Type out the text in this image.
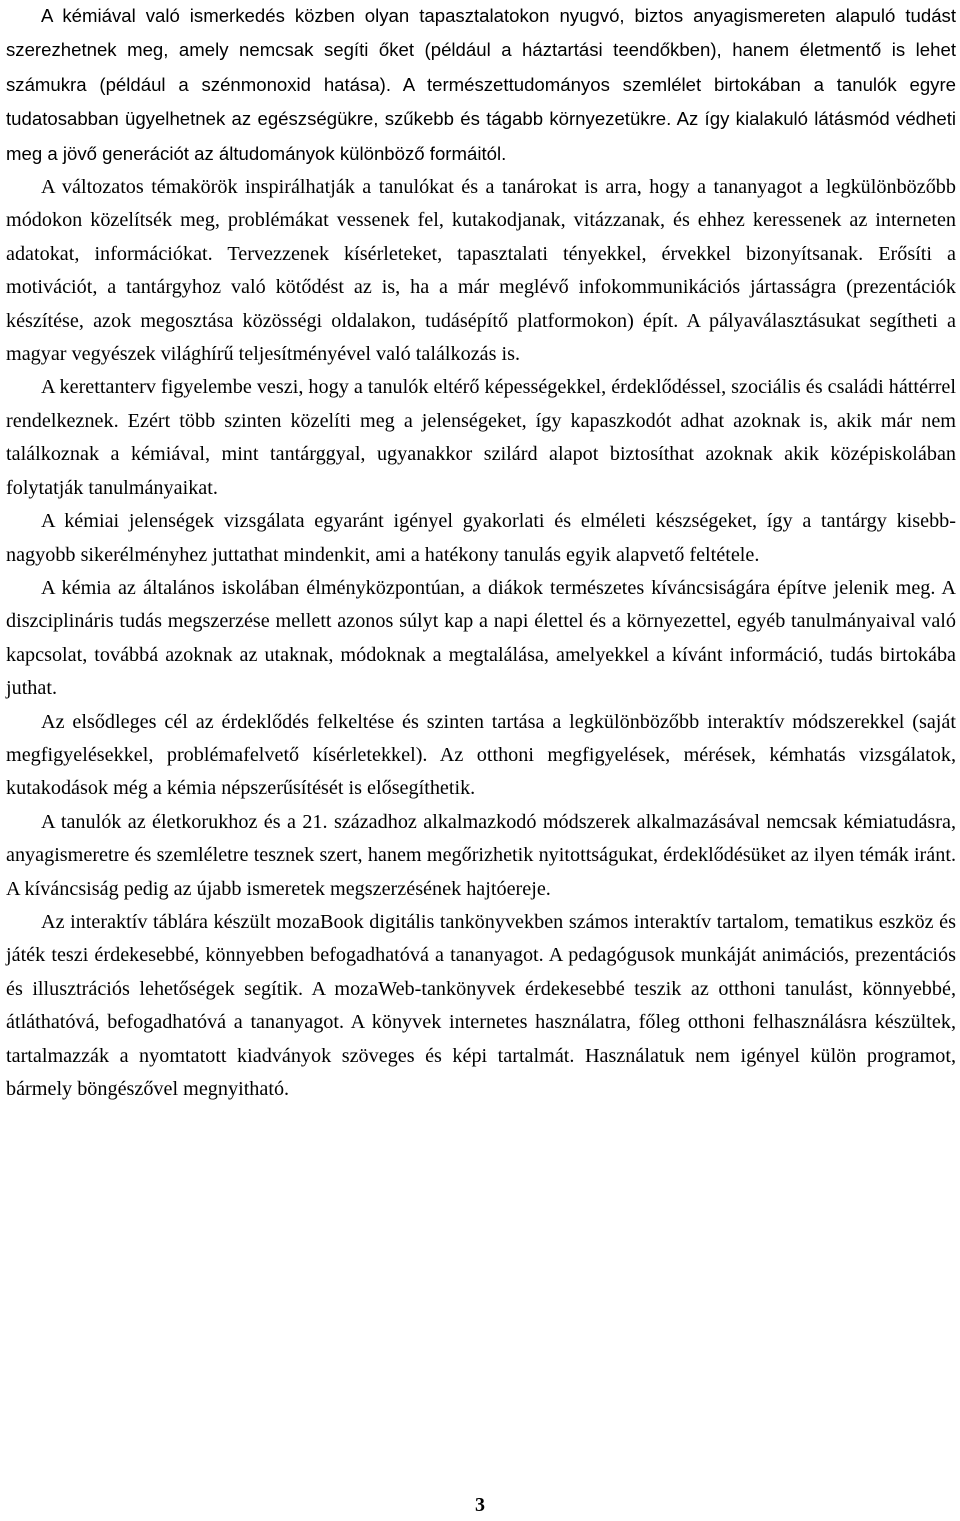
A kémiával való ismerkedés közben olyan tapasztalatokon nyugvó, biztos anyagismereten alapuló tudást szerezhetnek meg, amely nemcsak segíti őket (például a háztartási teendőkben), hanem életmentő is lehet számukra (például a szénmonoxid hatása). A természettudományos szemlélet birtokában a tanulók egyre tudatosabban ügyelhetnek az egészségükre, szűkebb és tágabb környezetükre. Az így kialakuló látásmód védheti meg a jövő generációt az áltudományok különböző formáitól.

A változatos témakörök inspirálhatják a tanulókat és a tanárokat is arra, hogy a tananyagot a legkülönbözőbb módokon közelítsék meg, problémákat vessenek fel, kutakodjanak, vitázzanak, és ehhez keressenek az interneten adatokat, információkat. Tervezzenek kísérleteket, tapasztalati tényekkel, érvekkel bizonyítsanak. Erősíti a motivációt, a tantárgyhoz való kötődést az is, ha a már meglévő infokommunikációs jártasságra (prezentációk készítése, azok megosztása közösségi oldalakon, tudásépítő platformokon) épít. A pályaválasztásukat segítheti a magyar vegyészek világhírű teljesítményével való találkozás is.

A kerettanterv figyelembe veszi, hogy a tanulók eltérő képességekkel, érdeklődéssel, szociális és családi háttérrel rendelkeznek. Ezért több szinten közelíti meg a jelenségeket, így kapaszkodót adhat azoknak is, akik már nem találkoznak a kémiával, mint tantárggyal, ugyanakkor szilárd alapot biztosíthat azoknak akik középiskolában folytatják tanulmányaikat.

A kémiai jelenségek vizsgálata egyaránt igényel gyakorlati és elméleti készségeket, így a tantárgy kisebb-nagyobb sikerélményhez juttathat mindenkit, ami a hatékony tanulás egyik alapvető feltétele.

A kémia az általános iskolában élményközpontúan, a diákok természetes kíváncsiságára építve jelenik meg. A diszciplináris tudás megszerzése mellett azonos súlyt kap a napi élettel és a környezettel, egyéb tanulmányaival való kapcsolat, továbbá azoknak az utaknak, módoknak a megtalálása, amelyekkel a kívánt információ, tudás birtokába juthat.

Az elsődleges cél az érdeklődés felkeltése és szinten tartása a legkülönbözőbb interaktív módszerekkel (saját megfigyelésekkel, problémafelvető kísérletekkel). Az otthoni megfigyelések, mérések, kémhatás vizsgálatok, kutakodások még a kémia népszerűsítését is elősegíthetik.

A tanulók az életkorukhoz és a 21. századhoz alkalmazkodó módszerek alkalmazásával nemcsak kémiatudásra, anyagismeretre és szemléletre tesznek szert, hanem megőrizhetik nyitottságukat, érdeklődésüket az ilyen témák iránt. A kíváncsiság pedig az újabb ismeretek megszerzésének hajtóereje.

Az interaktív táblára készült mozaBook digitális tankönyvekben számos interaktív tartalom, tematikus eszköz és játék teszi érdekesebbé, könnyebben befogadhatóvá a tananyagot. A pedagógusok munkáját animációs, prezentációs és illusztrációs lehetőségek segítik. A mozaWeb-tankönyvek érdekesebbé teszik az otthoni tanulást, könnyebbé, átláthatóvá, befogadhatóvá a tananyagot. A könyvek internetes használatra, főleg otthoni felhasználásra készültek, tartalmazzák a nyomtatott kiadványok szöveges és képi tartalmát. Használatuk nem igényel külön programot, bármely böngészővel megnyitható.

3
